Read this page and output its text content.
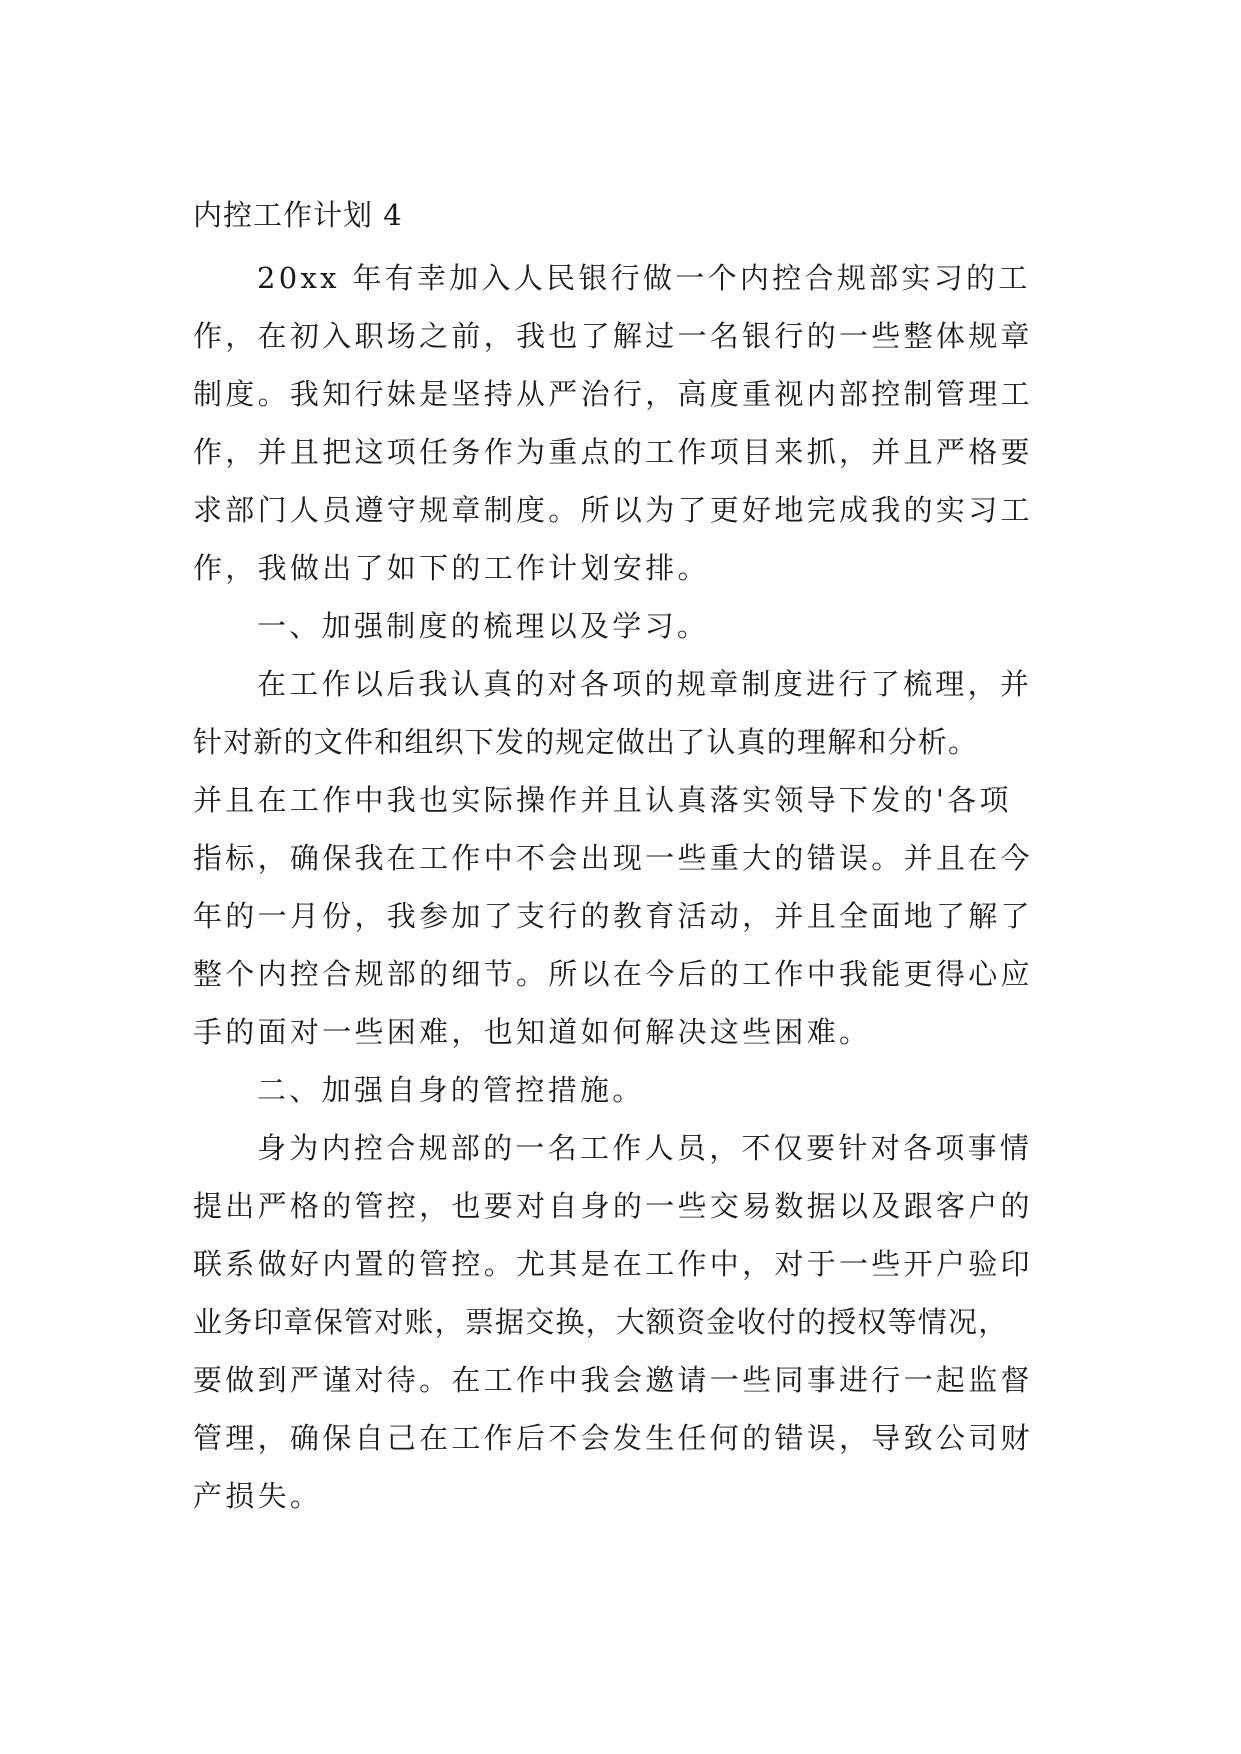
内控工作计划 4
20xx 年有幸加入人民银行做一个内控合规部实习的工
作，在初入职场之前，我也了解过一名银行的一些整体规章
制度。我知行妹是坚持从严治行，高度重视内部控制管理工
作，并且把这项任务作为重点的工作项目来抓，并且严格要
求部门人员遵守规章制度。所以为了更好地完成我的实习工
作，我做出了如下的工作计划安排。
一、加强制度的梳理以及学习。
在工作以后我认真的对各项的规章制度进行了梳理，并
针对新的文件和组织下发的规定做出了认真的理解和分析。
并且在工作中我也实际操作并且认真落实领导下发的'各项
指标，确保我在工作中不会出现一些重大的错误。并且在今
年的一月份，我参加了支行的教育活动，并且全面地了解了
整个内控合规部的细节。所以在今后的工作中我能更得心应
手的面对一些困难，也知道如何解决这些困难。
二、加强自身的管控措施。
身为内控合规部的一名工作人员，不仅要针对各项事情
提出严格的管控，也要对自身的一些交易数据以及跟客户的
联系做好内置的管控。尤其是在工作中，对于一些开户验印
业务印章保管对账，票据交换，大额资金收付的授权等情况，
要做到严谨对待。在工作中我会邀请一些同事进行一起监督
管理，确保自己在工作后不会发生任何的错误，导致公司财
产损失。
